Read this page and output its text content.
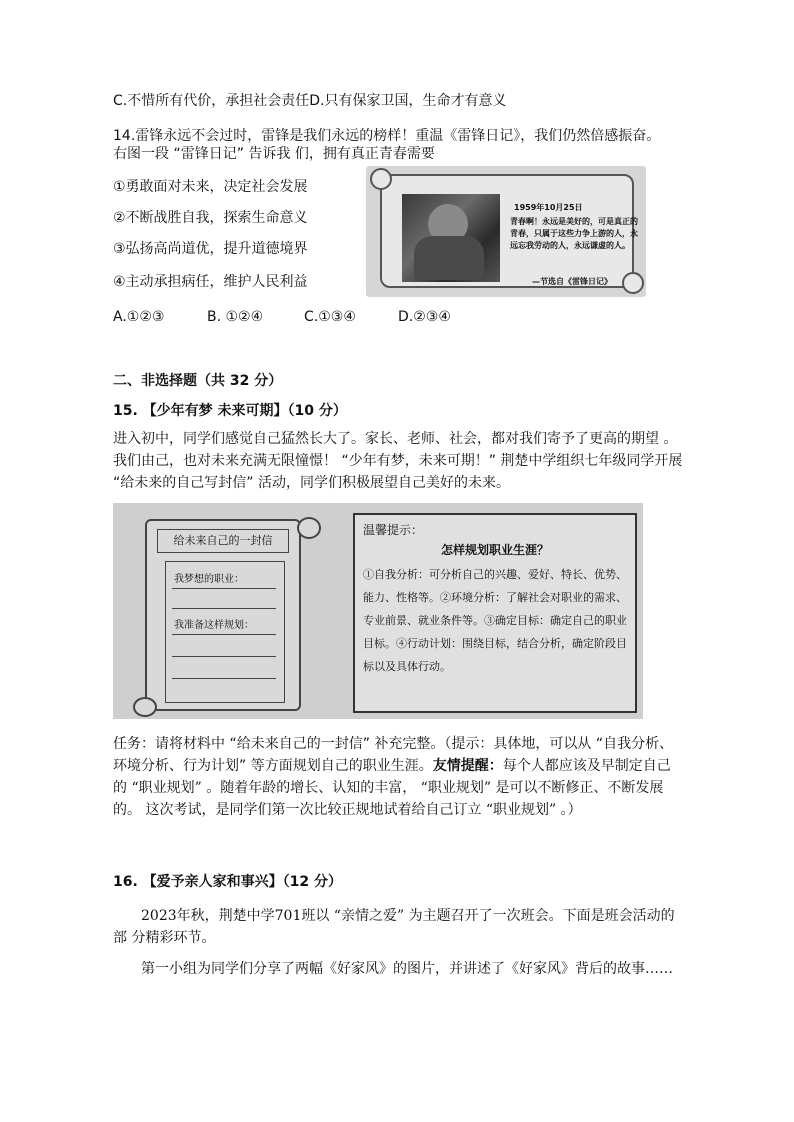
C.不惜所有代价，承担社会责任D.只有保家卫国，生命才有意义
14.雷锋永远不会过时，雷锋是我们永远的榜样！重温《雷锋日记》，我们仍然倍感振奋。
右图一段 “雷锋日记” 告诉我 们，拥有真正青春需要
①勇敢面对未来，决定社会发展
②不断战胜自我，探索生命意义
③弘扬高尚道优，提升道德境界
④主动承担病任，维护人民利益
A.①②③	B. ①②④	C.①③④	D.②③④
1959年10月25日
青春啊！永远是美好的，可是真正的青春，只属于这些力争上游的人，永远忘我劳动的人，永远谦虚的人。
—节选自《雷锋日记》
二、非选择题（共 32 分）
15. 【少年有梦 未来可期】（10 分）
进入初中，同学们感觉自己猛然长大了。家长、老师、社会，都对我们寄予了更高的期望 。我们由己，也对未来充满无限憧憬！ “少年有梦，未来可期！” 荆楚中学组织七年级同学开展 “给未来的自己写封信” 活动，同学们积极展望自己美好的未来。
给未来自己的一封信
我梦想的职业：
我准备这样规划：
温馨提示：
怎样规划职业生涯？
①自我分析：可分析自己的兴趣、爱好、特长、优势、能力、性格等。②环境分析：了解社会对职业的需求、专业前景、就业条件等。③确定目标：确定自己的职业目标。④行动计划：围绕目标，结合分析，确定阶段目标以及具体行动。
任务：请将材料中 “给未来自己的一封信” 补充完整。（提示：具体地，可以从 “自我分析、环境分析、行为计划” 等方面规划自己的职业生涯。友情提醒：每个人都应该及早制定自己 的 “职业规划” 。随着年龄的增长、认知的丰富， “职业规划” 是可以不断修正、不断发展的。 这次考试，是同学们第一次比较正规地试着给自己订立 “职业规划” 。）
16. 【爱予亲人家和事兴】（12 分）
2023年秋，荆楚中学701班以 “亲情之爱” 为主题召开了一次班会。下面是班会活动的部 分精彩环节。
第一小组为同学们分享了两幅《好家风》的图片，并讲述了《好家风》背后的故事……
